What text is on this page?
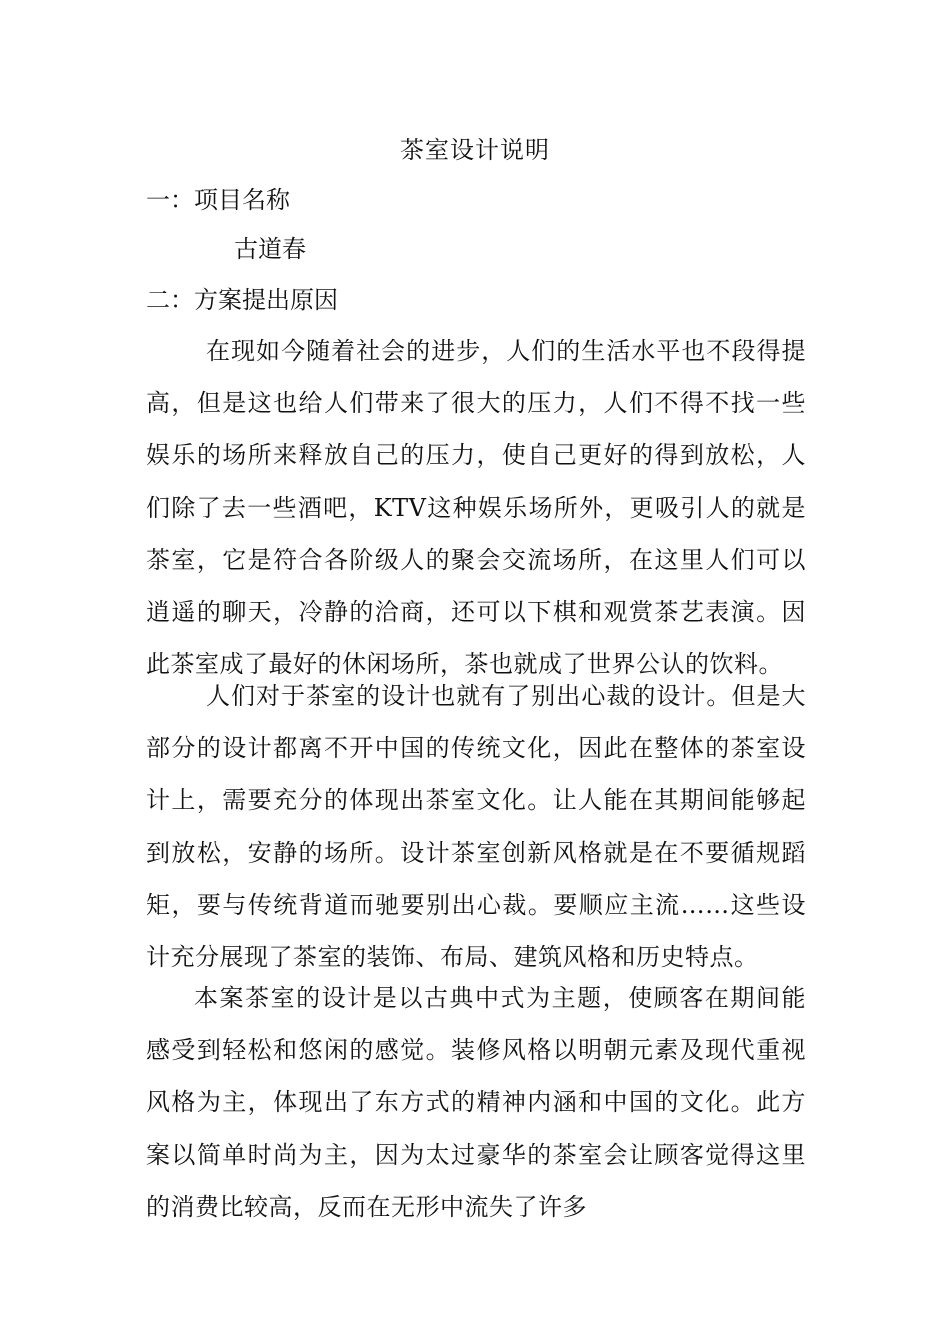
茶室设计说明
一：项目名称
古道春
二：方案提出原因
在现如今随着社会的进步，人们的生活水平也不段得提高，但是这也给人们带来了很大的压力，人们不得不找一些娱乐的场所来释放自己的压力，使自己更好的得到放松，人们除了去一些酒吧，KTV这种娱乐场所外，更吸引人的就是茶室，它是符合各阶级人的聚会交流场所，在这里人们可以逍遥的聊天，冷静的洽商，还可以下棋和观赏茶艺表演。因此茶室成了最好的休闲场所，茶也就成了世界公认的饮料。
人们对于茶室的设计也就有了别出心裁的设计。但是大部分的设计都离不开中国的传统文化，因此在整体的茶室设计上，需要充分的体现出茶室文化。让人能在其期间能够起到放松，安静的场所。设计茶室创新风格就是在不要循规蹈矩，要与传统背道而驰要别出心裁。要顺应主流……这些设计充分展现了茶室的装饰、布局、建筑风格和历史特点。
本案茶室的设计是以古典中式为主题，使顾客在期间能感受到轻松和悠闲的感觉。装修风格以明朝元素及现代重视风格为主，体现出了东方式的精神内涵和中国的文化。此方案以简单时尚为主，因为太过豪华的茶室会让顾客觉得这里的消费比较高，反而在无形中流失了许多
